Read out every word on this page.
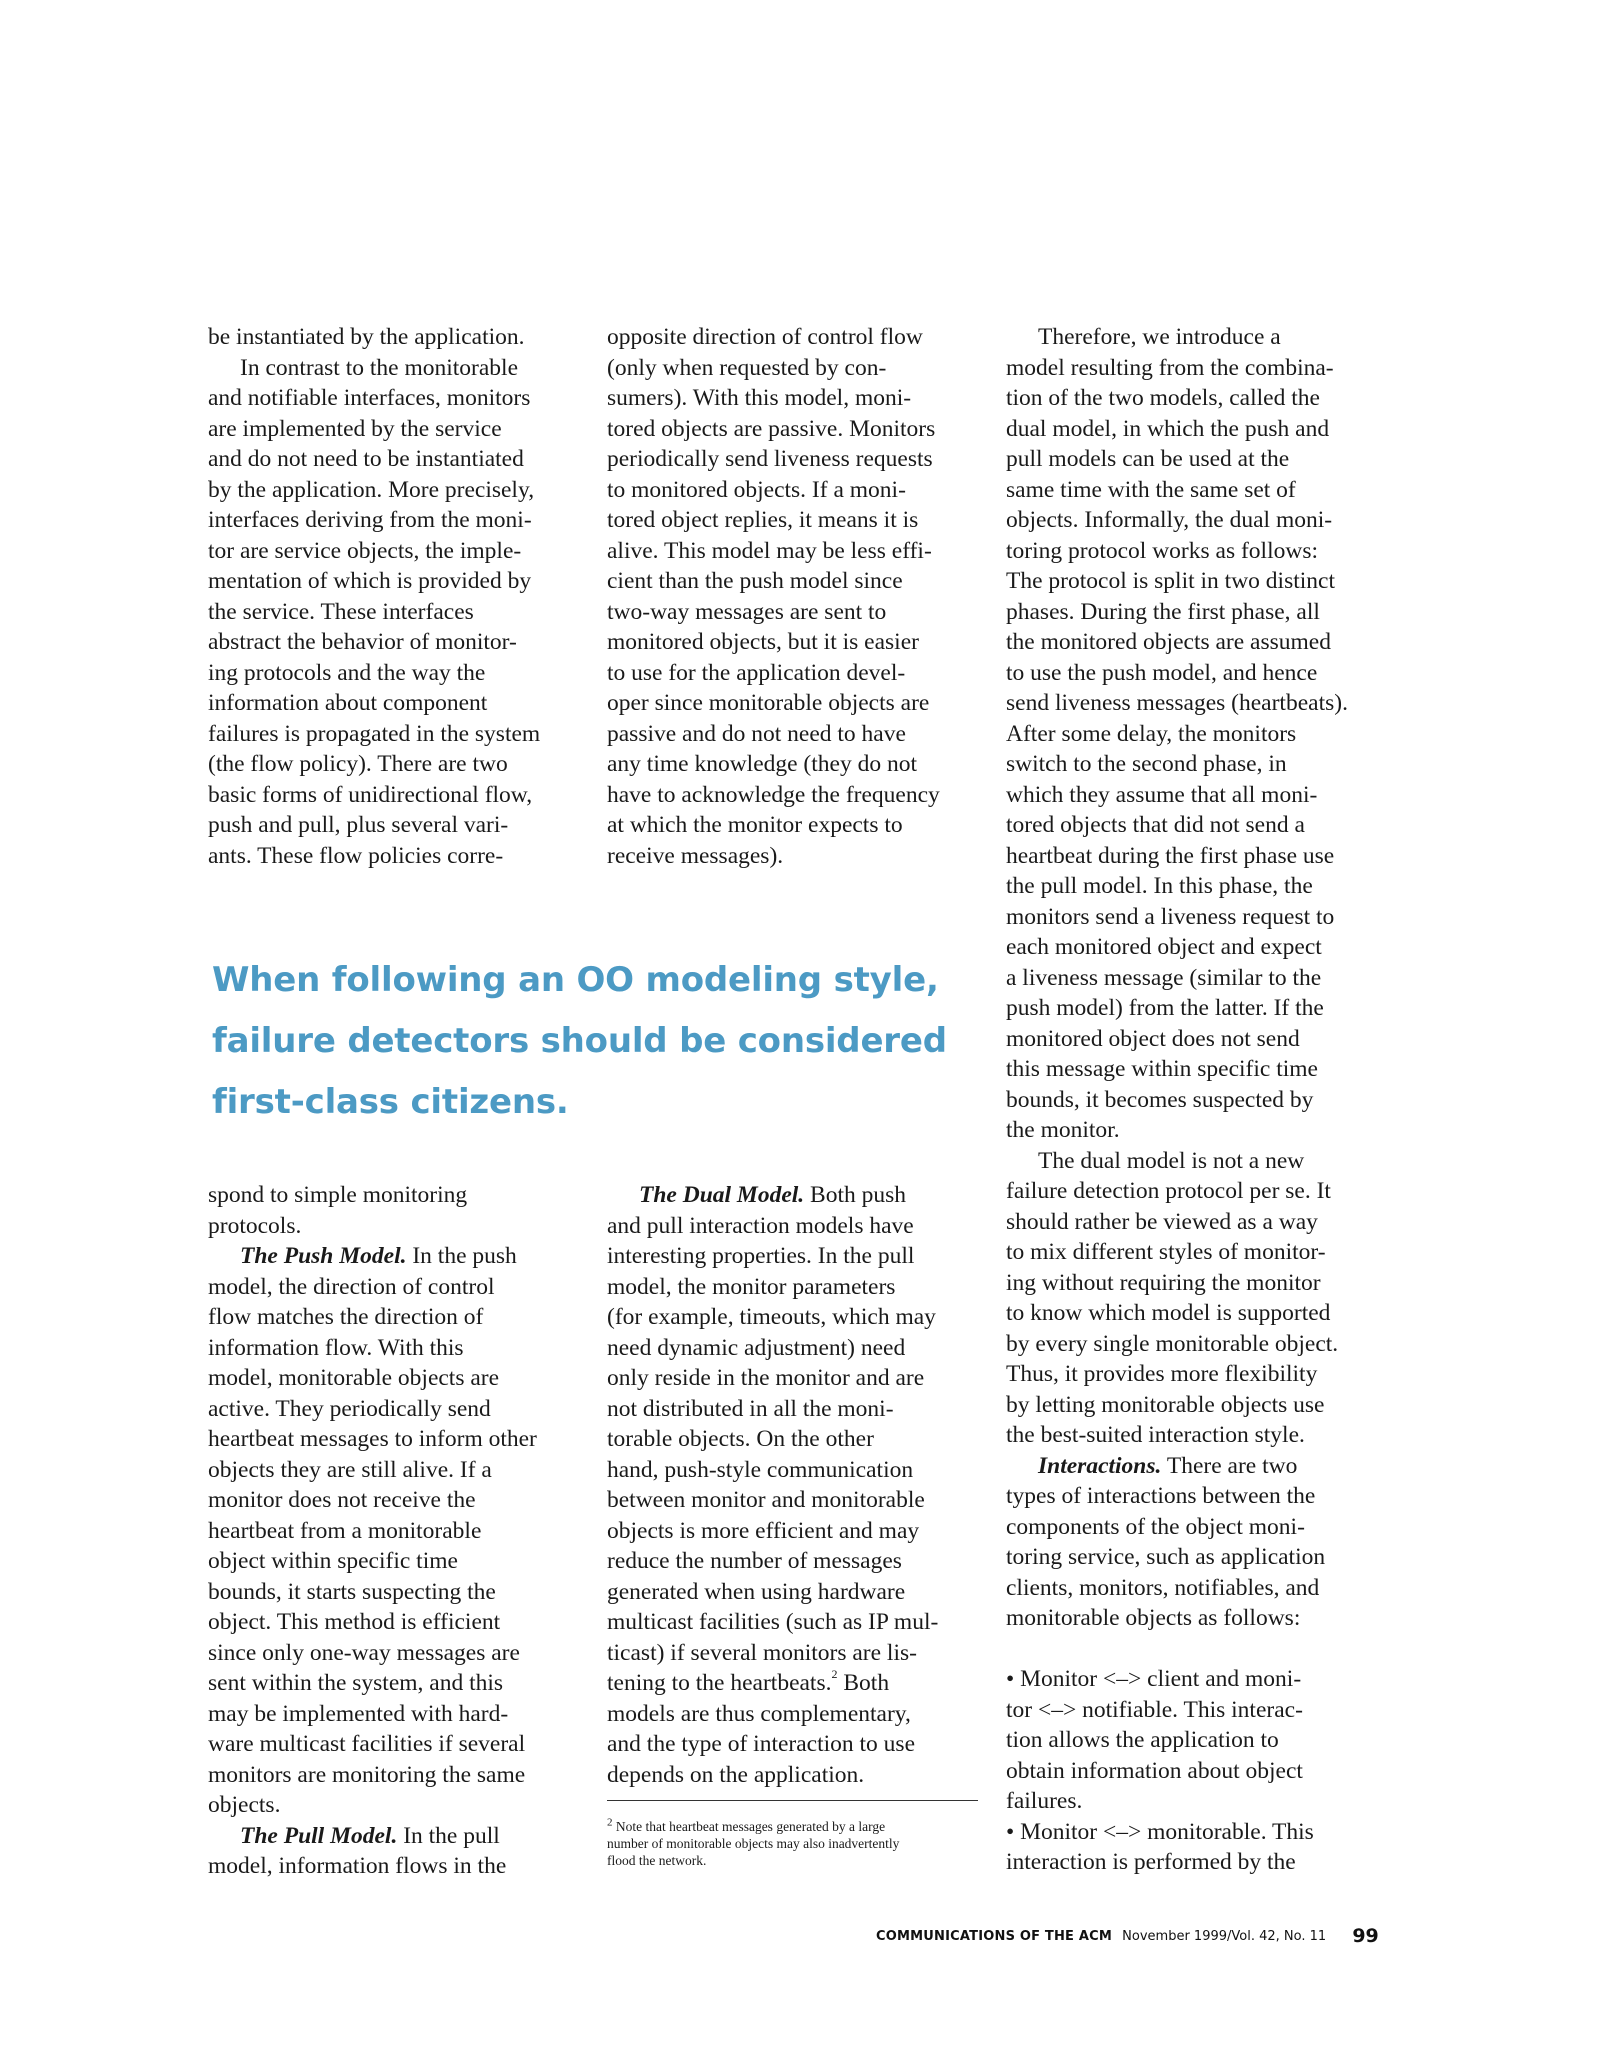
be instantiated by the application.
In contrast to the monitorable
and notifiable interfaces, monitors
are implemented by the service
and do not need to be instantiated
by the application. More precisely,
interfaces deriving from the moni-
tor are service objects, the imple-
mentation of which is provided by
the service. These interfaces
abstract the behavior of monitor-
ing protocols and the way the
information about component
failures is propagated in the system
(the flow policy). There are two
basic forms of unidirectional flow,
push and pull, plus several vari-
ants. These flow policies corre-
opposite direction of control flow
(only when requested by con-
sumers). With this model, moni-
tored objects are passive. Monitors
periodically send liveness requests
to monitored objects. If a moni-
tored object replies, it means it is
alive. This model may be less effi-
cient than the push model since
two-way messages are sent to
monitored objects, but it is easier
to use for the application devel-
oper since monitorable objects are
passive and do not need to have
any time knowledge (they do not
have to acknowledge the frequency
at which the monitor expects to
receive messages).
When following an OO modeling style,
failure detectors should be considered
first-class citizens.
spond to simple monitoring
protocols.
The Push Model. In the push
model, the direction of control
flow matches the direction of
information flow. With this
model, monitorable objects are
active. They periodically send
heartbeat messages to inform other
objects they are still alive. If a
monitor does not receive the
heartbeat from a monitorable
object within specific time
bounds, it starts suspecting the
object. This method is efficient
since only one-way messages are
sent within the system, and this
may be implemented with hard-
ware multicast facilities if several
monitors are monitoring the same
objects.
The Pull Model. In the pull
model, information flows in the
The Dual Model. Both push
and pull interaction models have
interesting properties. In the pull
model, the monitor parameters
(for example, timeouts, which may
need dynamic adjustment) need
only reside in the monitor and are
not distributed in all the moni-
torable objects. On the other
hand, push-style communication
between monitor and monitorable
objects is more efficient and may
reduce the number of messages
generated when using hardware
multicast facilities (such as IP mul-
ticast) if several monitors are lis-
tening to the heartbeats.$^2$ Both
models are thus complementary,
and the type of interaction to use
depends on the application.
Therefore, we introduce a
model resulting from the combina-
tion of the two models, called the
dual model, in which the push and
pull models can be used at the
same time with the same set of
objects. Informally, the dual moni-
toring protocol works as follows:
The protocol is split in two distinct
phases. During the first phase, all
the monitored objects are assumed
to use the push model, and hence
send liveness messages (heartbeats).
After some delay, the monitors
switch to the second phase, in
which they assume that all moni-
tored objects that did not send a
heartbeat during the first phase use
the pull model. In this phase, the
monitors send a liveness request to
each monitored object and expect
a liveness message (similar to the
push model) from the latter. If the
monitored object does not send
this message within specific time
bounds, it becomes suspected by
the monitor.
The dual model is not a new
failure detection protocol per se. It
should rather be viewed as a way
to mix different styles of monitor-
ing without requiring the monitor
to know which model is supported
by every single monitorable object.
Thus, it provides more flexibility
by letting monitorable objects use
the best-suited interaction style.
Interactions. There are two
types of interactions between the
components of the object moni-
toring service, such as application
clients, monitors, notifiables, and
monitorable objects as follows:

• Monitor <–> client and moni-
tor <–> notifiable. This interac-
tion allows the application to
obtain information about object
failures.
• Monitor <–> monitorable. This
interaction is performed by the
$^2$ Note that heartbeat messages generated by a large
number of monitorable objects may also inadvertently
flood the network.
COMMUNICATIONS OF THE ACM November 1999/Vol. 42, No. 11 99
